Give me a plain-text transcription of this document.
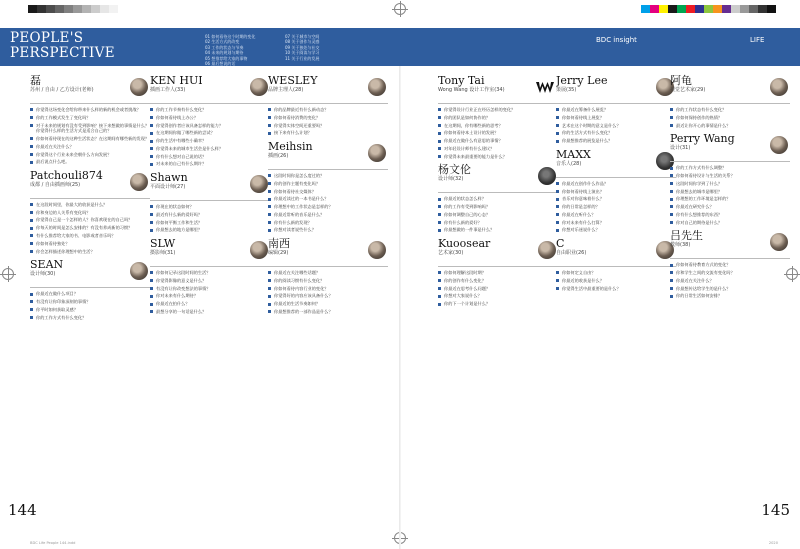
PEOPLE'S
PERSPECTIVE
01 如何看待这个时期的变化
02 生活方式的改变
03 工作的状态与节奏
04 未来的规划与期待
05 想推荐给大家的事物
06 最后想说的话
07 关于城市与空间
08 关于创作与灵感
09 关于独处与社交
10 关于阅读与学习
11 关于行业的发展
BDC insight	LIFE
磊
苏州 / 自由 / 乙方设计(老师)
你觉得这场变化会给你带来什么样的新的机会或者挑战？
你的工作模式发生了变化吗？
对于未来的规划有没有受到影响？接下来想做的事情是什么？你觉得什么样的生活方式是适合自己的？
你如何看待现在的这种生活状态？在这期间有哪些新的发现？
你最近在关注什么？
你觉得这个行业未来会朝什么方向发展？
最后说点什么吧。
Patchouli874
成都 / 自由插画师(25)
在这段时间里，你最大的收获是什么？
你和身边的人关系有变化吗？
你觉得自己是一个怎样的人？你喜欢现在的自己吗？
你每天的时间是怎么安排的？有没有养成新的习惯？
有什么推荐给大家的书、电影或者音乐吗？
你如何看待独处？
你会怎样描述你理想中的生活？
SEAN
设计师(30)
你最近在做什么项目？
有没有让你印象深刻的事情？
你平时如何获取灵感？
你的工作方式有什么变化？
KEN HUI
插画工作人(33)
你的工作节奏有什么变化？
你如何看待线上办公？
你觉得创作者应该具备怎样的能力？
在这期间你做了哪些新的尝试？
你的生活中有哪些小确幸？
你觉得未来的城市生活会是什么样？
你有什么想对自己说的话？
对未来的自己有什么期许？
Shawn
平面设计师(27)
你现在的状态如何？
最近有什么新的爱好吗？
你如何平衡工作和生活？
你最想去的地方是哪里？
SLW
摄影师(31)
你如何记录这段时间的生活？
你觉得影像的意义是什么？
有没有让你改变想法的事情？
你对未来有什么期待？
你最近在拍什么？
最想分享的一句话是什么？
WESLEY
品牌主理人(28)
你的品牌最近有什么新动态？
你如何看待消费的变化？
你觉得实体空间还重要吗？
接下来有什么计划？
Meihsin
插画(26)
这段时间你是怎么度过的？
你的创作主题有变化吗？
你如何看待社交媒体？
你最近读过的一本书是什么？
你理想中的工作状态是怎样的？
你最近常听的音乐是什么？
你有什么新的发现？
你想对读者说些什么？
南西
编辑(29)
你最近在关注哪些话题？
你的阅读习惯有什么变化？
你如何看待内容行业的变化？
你觉得好的内容应该具备什么？
你最近的生活节奏如何？
你最想推荐的一部作品是什么？
Tony Tai
Wong Wang 设计工作室(34)
你觉得设计行业正在经历怎样的变化？
你的团队是如何协作的？
在这期间，你有哪些新的思考？
你如何看待本土设计的发展？
你最近在做什么有意思的事情？
对年轻设计师有什么建议？
你觉得未来最重要的能力是什么？
杨文伦
设计师(32)
你最近的状态怎么样？
你的工作有受到影响吗？
你如何调整自己的心态？
你有什么新的爱好？
你最想做的一件事是什么？
Kuoosear
艺术家(30)
你如何理解这段时期？
你的创作有什么变化？
你最近在思考什么问题？
你想对大家说什么？
你的下一个计划是什么？
Jerry Lee
策展(35)
你最近在筹备什么展览？
你如何看待线上展览？
艺术在这个时期的意义是什么？
你的生活方式有什么变化？
你最想推荐的展览是什么？
MAXX
音乐人(28)
你最近在创作什么作品？
你如何看待线上演出？
音乐对你意味着什么？
你的日常是怎样的？
你最近在听什么？
你对未来有什么打算？
你想对乐迷说什么？
C
自由职业(26)
你如何定义自由？
你最近的收获是什么？
你觉得生活中最重要的是什么？
阿龟
视觉艺术家(29)
你的工作状态有什么变化？
你如何保持创作的热情？
最近让你开心的事情是什么？
Perry Wang
设计(31)
你的工作方式有什么调整？
你如何看待设计与生活的关系？
这段时间你学到了什么？
你最想去的城市是哪里？
你理想的工作环境是怎样的？
你最近在研究什么？
你有什么想推荐的东西？
你对自己的期待是什么？
吕先生
教师(38)
你如何看待教育方式的变化？
你和学生之间的交流有变化吗？
你最近在关注什么？
你最想传达给学生的是什么？
你的日常生活如何安排？
144	145
BDC Life People 144.indd	2020
